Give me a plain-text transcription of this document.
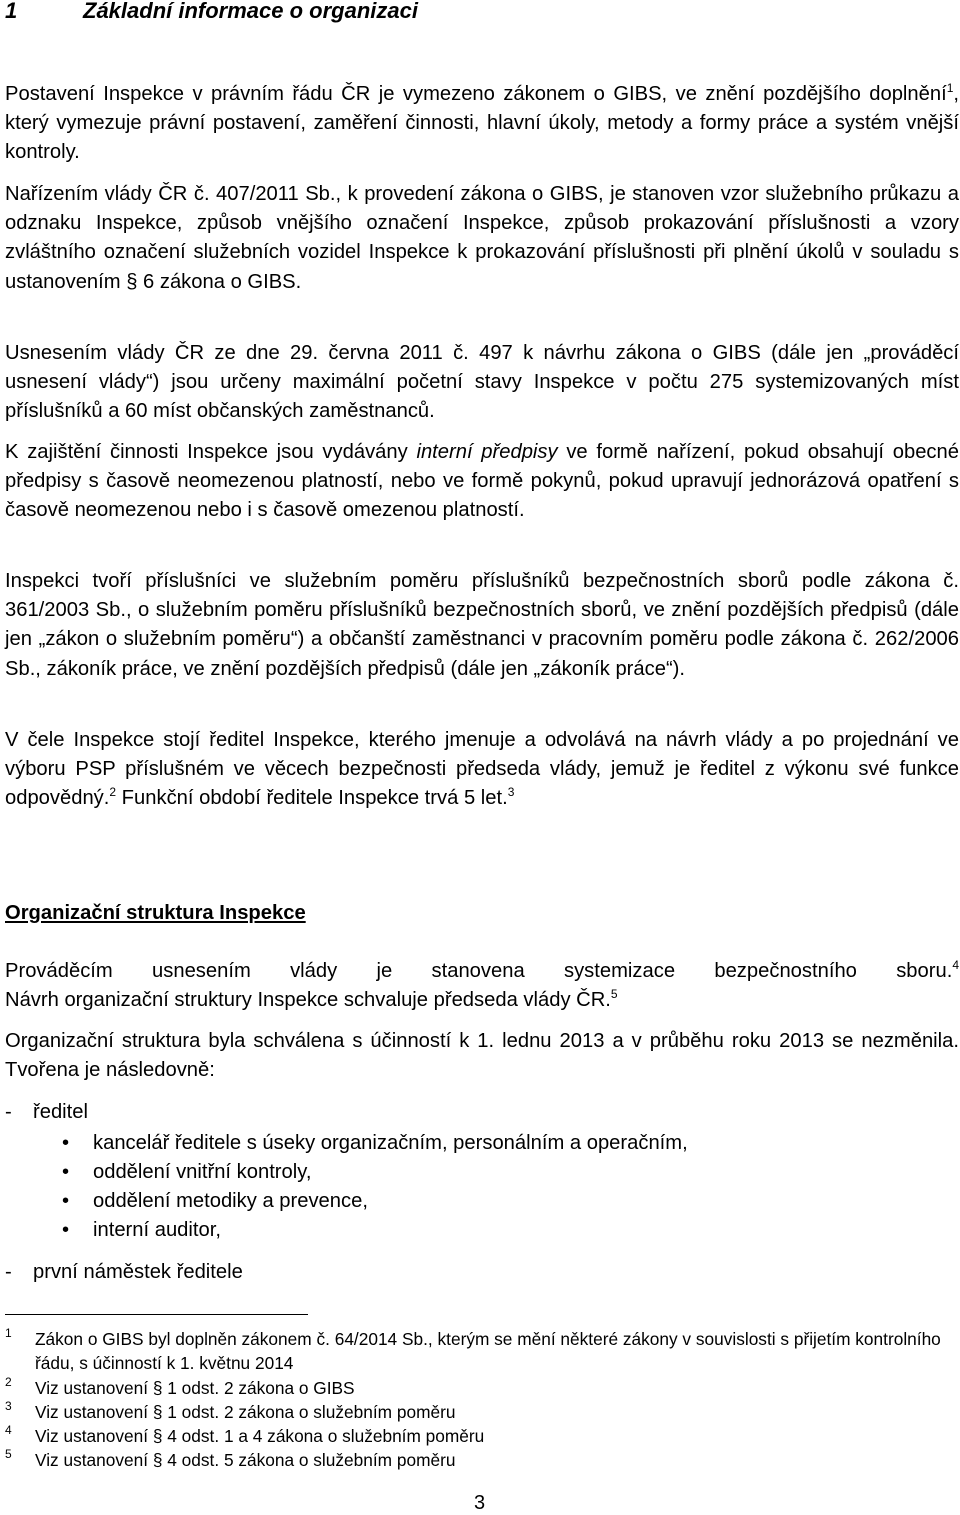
1	Základní informace o organizaci
Postavení Inspekce v právním řádu ČR je vymezeno zákonem o GIBS, ve znění pozdějšího doplnění$^1$, který vymezuje právní postavení, zaměření činnosti, hlavní úkoly, metody a formy práce a systém vnější kontroly.
Nařízením vlády ČR č. 407/2011 Sb., k provedení zákona o GIBS, je stanoven vzor služebního průkazu a odznaku Inspekce, způsob vnějšího označení Inspekce, způsob prokazování příslušnosti a vzory zvláštního označení služebních vozidel Inspekce k prokazování příslušnosti při plnění úkolů v souladu s ustanovením § 6 zákona o GIBS.
Usnesením vlády ČR ze dne 29. června 2011 č. 497 k návrhu zákona o GIBS (dále jen „prováděcí usnesení vlády“) jsou určeny maximální početní stavy Inspekce v počtu 275 systemizovaných míst příslušníků a 60 míst občanských zaměstnanců.
K zajištění činnosti Inspekce jsou vydávány interní předpisy ve formě nařízení, pokud obsahují obecné předpisy s časově neomezenou platností, nebo ve formě pokynů, pokud upravují jednorázová opatření s časově neomezenou nebo i s časově omezenou platností.
Inspekci tvoří příslušníci ve služebním poměru příslušníků bezpečnostních sborů podle zákona č. 361/2003 Sb., o služebním poměru příslušníků bezpečnostních sborů, ve znění pozdějších předpisů (dále jen „zákon o služebním poměru“) a občanští zaměstnanci v pracovním poměru podle zákona č. 262/2006 Sb., zákoník práce, ve znění pozdějších předpisů (dále jen „zákoník práce“).
V čele Inspekce stojí ředitel Inspekce, kterého jmenuje a odvolává na návrh vlády a po projednání ve výboru PSP příslušném ve věcech bezpečnosti předseda vlády, jemuž je ředitel z výkonu své funkce odpovědný.$^2$ Funkční období ředitele Inspekce trvá 5 let.$^3$
Organizační struktura Inspekce
Prováděcím usnesením vlády je stanovena systemizace bezpečnostního sboru.$^4$
Návrh organizační struktury Inspekce schvaluje předseda vlády ČR.$^5$
Organizační struktura byla schválena s účinností k 1. lednu 2013 a v průběhu roku 2013 se nezměnila. Tvořena je následovně:
- ředitel
• kancelář ředitele s úseky organizačním, personálním a operačním,
• oddělení vnitřní kontroly,
• oddělení metodiky a prevence,
• interní auditor,
- první náměstek ředitele
1 Zákon o GIBS byl doplněn zákonem č. 64/2014 Sb., kterým se mění některé zákony v souvislosti s přijetím kontrolního řádu, s účinností k 1. květnu 2014
2 Viz ustanovení § 1 odst. 2 zákona o GIBS
3 Viz ustanovení § 1 odst. 2 zákona o služebním poměru
4 Viz ustanovení § 4 odst. 1 a 4 zákona o služebním poměru
5 Viz ustanovení § 4 odst. 5 zákona o služebním poměru
3
